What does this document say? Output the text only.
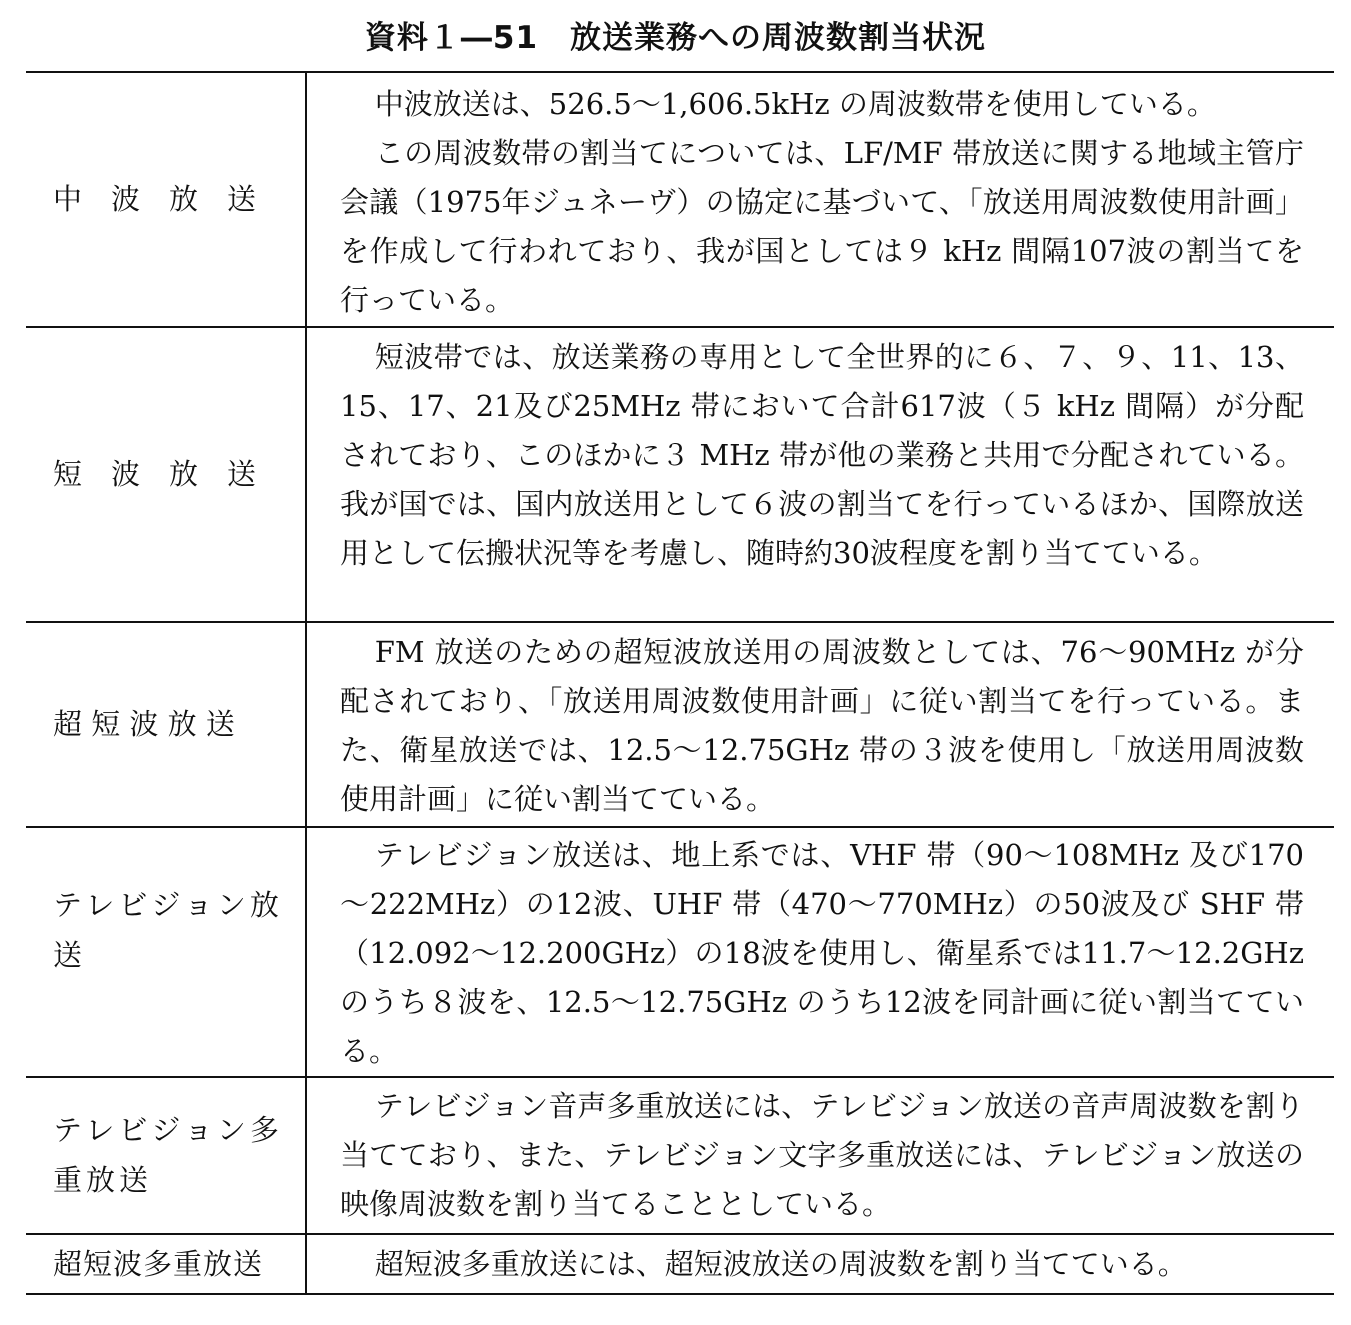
資料１―51　放送業務への周波数割当状況
中　波　放　送

中波放送は、526.5～1,606.5kHz の周波数帯を使用している。

この周波数帯の割当てについては、LF/MF 帯放送に関する地域主管庁会議（1975年ジュネーヴ）の協定に基づいて、「放送用周波数使用計画」を作成して行われており、我が国としては９ kHz 間隔107波の割当てを行っている。

短　波　放　送

短波帯では、放送業務の専用として全世界的に６、７、９、11、13、15、17、21及び25MHz 帯において合計617波（５ kHz 間隔）が分配されており、このほかに３ MHz 帯が他の業務と共用で分配されている。我が国では、国内放送用として６波の割当てを行っているほか、国際放送用として伝搬状況等を考慮し、随時約30波程度を割り当てている。

超 短 波 放 送

FM 放送のための超短波放送用の周波数としては、76～90MHz が分配されており、「放送用周波数使用計画」に従い割当てを行っている。また、衛星放送では、12.5～12.75GHz 帯の３波を使用し「放送用周波数使用計画」に従い割当てている。

テレビジョン放送

テレビジョン放送は、地上系では、VHF 帯（90～108MHz 及び170～222MHz）の12波、UHF 帯（470～770MHz）の50波及び SHF 帯（12.092～12.200GHz）の18波を使用し、衛星系では11.7～12.2GHz のうち８波を、12.5～12.75GHz のうち12波を同計画に従い割当てている。

テレビジョン多重放送

テレビジョン音声多重放送には、テレビジョン放送の音声周波数を割り当てており、また、テレビジョン文字多重放送には、テレビジョン放送の映像周波数を割り当てることとしている。

超短波多重放送	超短波多重放送には、超短波放送の周波数を割り当てている。
